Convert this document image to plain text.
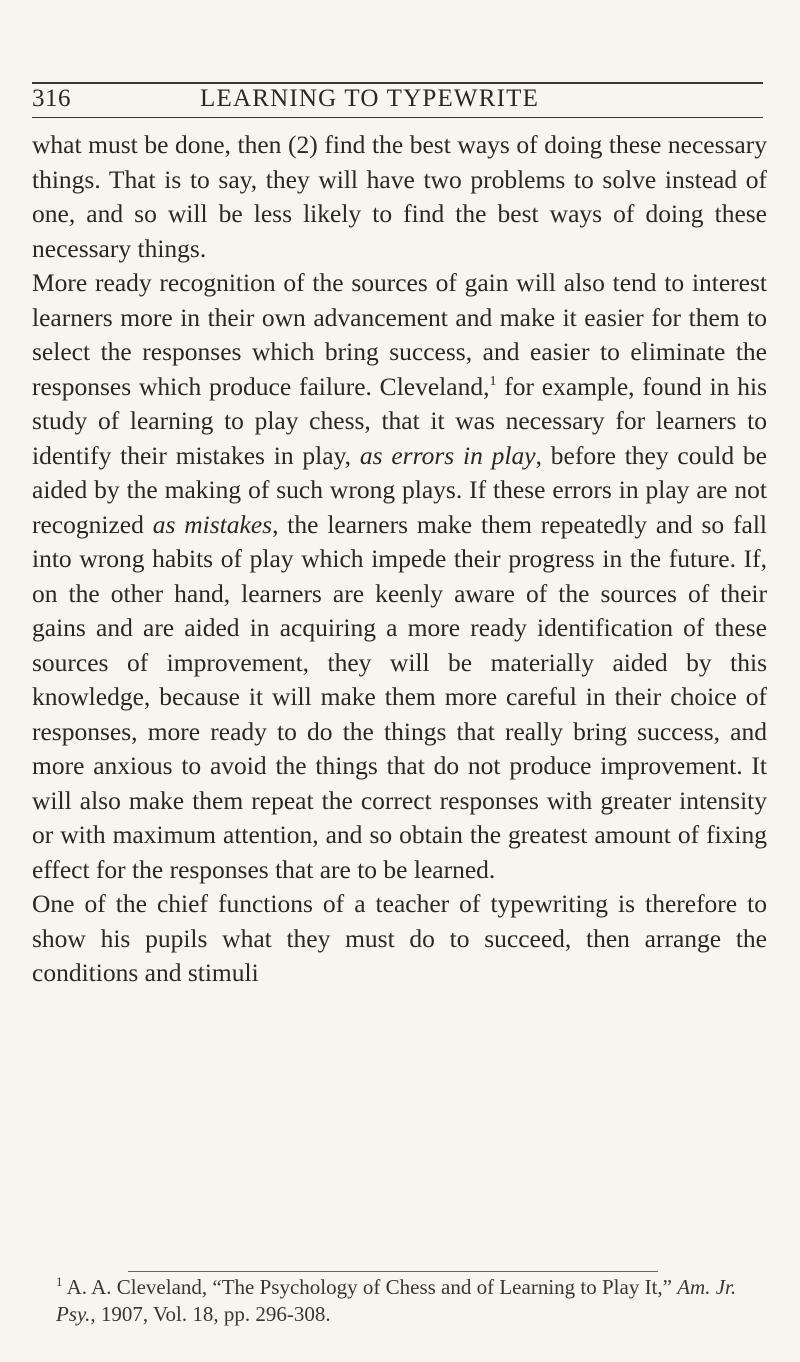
316	LEARNING TO TYPEWRITE

what must be done, then (2) find the best ways of doing these necessary things. That is to say, they will have two problems to solve instead of one, and so will be less likely to find the best ways of doing these necessary things.

More ready recognition of the sources of gain will also tend to interest learners more in their own advancement and make it easier for them to select the responses which bring success, and easier to eliminate the responses which produce failure. Cleveland,$^1$ for example, found in his study of learning to play chess, that it was necessary for learners to identify their mistakes in play, as errors in play, before they could be aided by the making of such wrong plays. If these errors in play are not recognized as mistakes, the learners make them repeatedly and so fall into wrong habits of play which impede their progress in the future. If, on the other hand, learners are keenly aware of the sources of their gains and are aided in acquiring a more ready identification of these sources of improvement, they will be materially aided by this knowledge, because it will make them more careful in their choice of responses, more ready to do the things that really bring success, and more anxious to avoid the things that do not produce improvement. It will also make them repeat the correct responses with greater intensity or with maximum attention, and so obtain the greatest amount of fixing effect for the responses that are to be learned.

One of the chief functions of a teacher of typewriting is therefore to show his pupils what they must do to succeed, then arrange the conditions and stimuli

$^1$ A. A. Cleveland, “The Psychology of Chess and of Learning to Play It,” Am. Jr. Psy., 1907, Vol. 18, pp. 296-308.
